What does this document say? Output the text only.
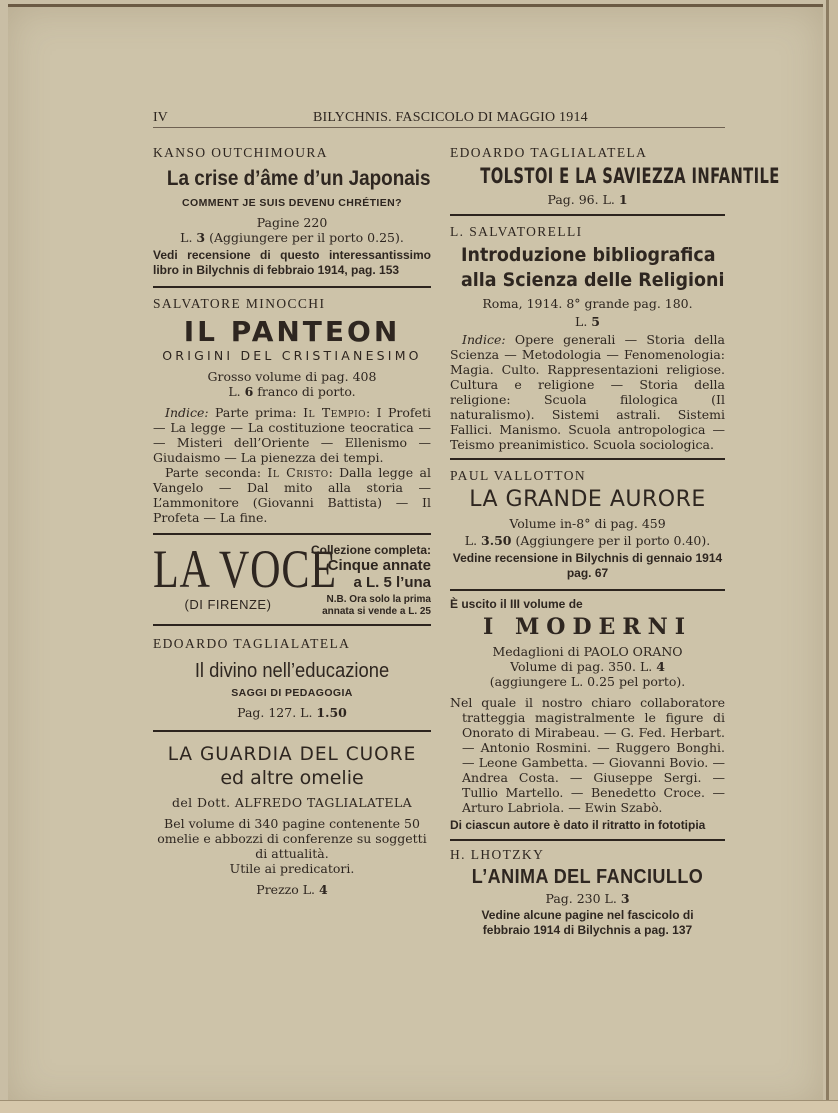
IV	BILYCHNIS. FASCICOLO DI MAGGIO 1914
KANSO OUTCHIMOURA
La crise d’âme d’un Japonais
COMMENT JE SUIS DEVENU CHRÉTIEN?
Pagine 220
L. 3 (Aggiungere per il porto 0.25).
Vedi recensione di questo interessantissimo libro in Bilychnis di febbraio 1914, pag. 153
SALVATORE MINOCCHI
IL PANTEON
ORIGINI DEL CRISTIANESIMO
Grosso volume di pag. 408
L. 6 franco di porto.
Indice: Parte prima: Il Tempio: I Profeti — La legge — La costituzione teocratica — — Misteri dell’Oriente — Ellenismo — Giudaismo — La pienezza dei tempi.
Parte seconda: Il Cristo: Dalla legge al Vangelo — Dal mito alla storia — L’ammonitore (Giovanni Battista) — Il Profeta — La fine.
LA VOCE
(DI FIRENZE)
Collezione completa:
Cinque annate
a L. 5 l’una
N.B. Ora solo la prima
annata si vende a L. 25
EDOARDO TAGLIALATELA
Il divino nell’educazione
SAGGI DI PEDAGOGIA
Pag. 127. L. 1.50
LA GUARDIA DEL CUORE
ed altre omelie
del Dott. ALFREDO TAGLIALATELA
Bel volume di 340 pagine contenente 50 omelie e abbozzi di conferenze su soggetti di attualità.
Utile ai predicatori.
Prezzo L. 4
EDOARDO TAGLIALATELA
TOLSTOI E LA SAVIEZZA INFANTILE
Pag. 96. L. 1
L. SALVATORELLI
Introduzione bibliografica
alla Scienza delle Religioni
Roma, 1914. 8° grande pag. 180.
L. 5
Indice: Opere generali — Storia della Scienza — Metodologia — Fenomenologia: Magia. Culto. Rappresentazioni religiose. Cultura e religione — Storia della religione: Scuola filologica (Il naturalismo). Sistemi astrali. Sistemi Fallici. Manismo. Scuola antropologica — Teismo preanimistico. Scuola sociologica.
PAUL VALLOTTON
LA GRANDE AURORE
Volume in-8° di pag. 459
L. 3.50 (Aggiungere per il porto 0.40).
Vedine recensione in Bilychnis di gennaio 1914 pag. 67
È uscito il III volume de
I MODERNI
Medaglioni di PAOLO ORANO
Volume di pag. 350. L. 4
(aggiungere L. 0.25 pel porto).
Nel quale il nostro chiaro collaboratore tratteggia magistralmente le figure di Onorato di Mirabeau. — G. Fed. Herbart. — Antonio Rosmini. — Ruggero Bonghi. — Leone Gambetta. — Giovanni Bovio. — Andrea Costa. — Giuseppe Sergi. — Tullio Martello. — Benedetto Croce. — Arturo Labriola. — Ewin Szabò.
Di ciascun autore è dato il ritratto in fototipia
H. LHOTZKY
L’ANIMA DEL FANCIULLO
Pag. 230 L. 3
Vedine alcune pagine nel fascicolo di febbraio 1914 di Bilychnis a pag. 137
